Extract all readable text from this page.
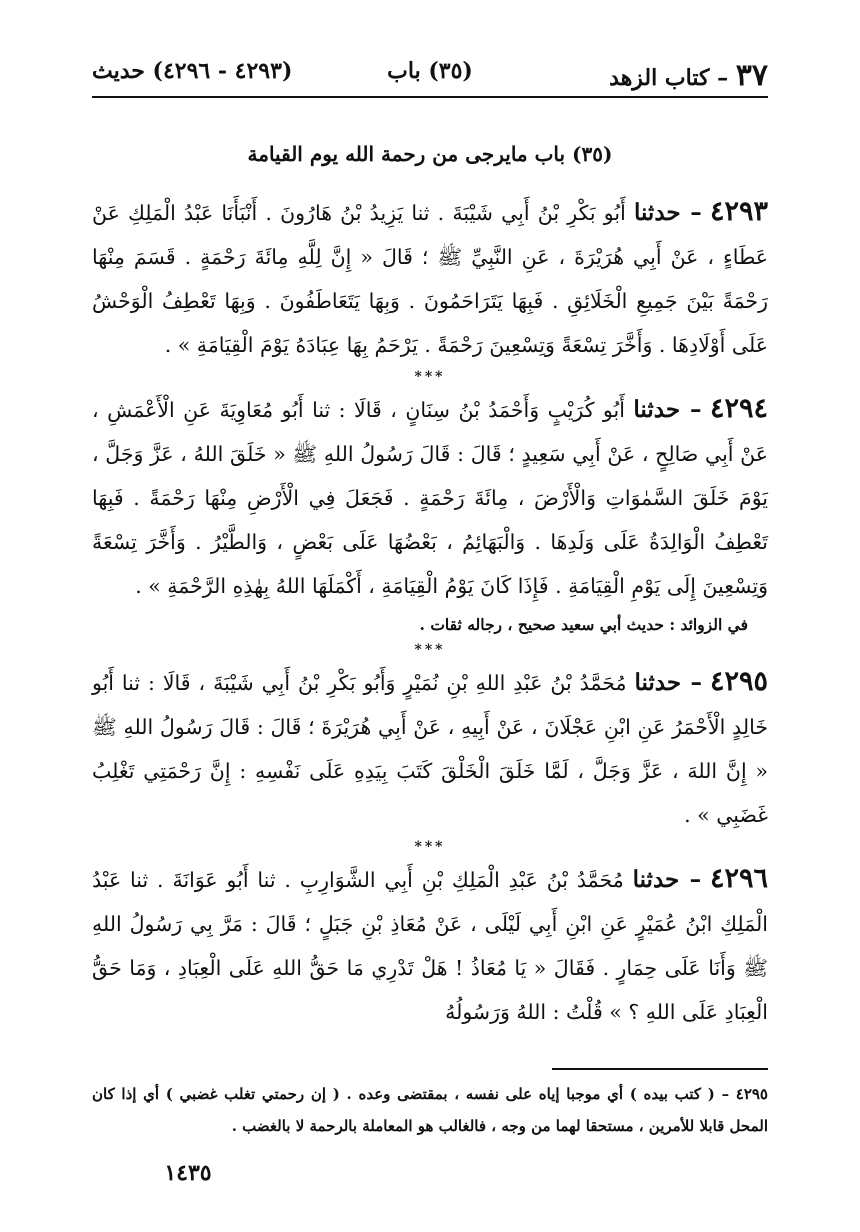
٣٧ – كتاب الزهد
(٣٥) باب
(٤٢٩٣ - ٤٢٩٦) حديث
(٣٥) باب مايرجى من رحمة الله يوم القيامة

٤٢٩٣ – حدثنا أَبُو بَكْرِ بْنُ أَبِي شَيْبَةَ . ثنا يَزِيدُ بْنُ هَارُونَ . أَنْبَأَنَا عَبْدُ الْمَلِكِ عَنْ عَطَاءٍ ، عَنْ أَبِي هُرَيْرَةَ ، عَنِ النَّبِيِّ ﷺ ؛ قَالَ « إِنَّ لِلَّهِ مِائَةَ رَحْمَةٍ . قَسَمَ مِنْهَا رَحْمَةً بَيْنَ جَمِيعِ الْخَلَائِقِ . فَبِهَا يَتَرَاحَمُونَ . وَبِهَا يَتَعَاطَفُونَ . وَبِهَا تَعْطِفُ الْوَحْشُ عَلَى أَوْلَادِهَا . وَأَخَّرَ تِسْعَةً وَتِسْعِينَ رَحْمَةً . يَرْحَمُ بِهَا عِبَادَهُ يَوْمَ الْقِيَامَةِ » .

***

٤٢٩٤ – حدثنا أَبُو كُرَيْبٍ وَأَحْمَدُ بْنُ سِنَانٍ ، قَالَا : ثنا أَبُو مُعَاوِيَةَ عَنِ الْأَعْمَشِ ، عَنْ أَبِي صَالِحٍ ، عَنْ أَبِي سَعِيدٍ ؛ قَالَ : قَالَ رَسُولُ اللهِ ﷺ « خَلَقَ اللهُ ، عَزَّ وَجَلَّ ، يَوْمَ خَلَقَ السَّمٰوَاتِ وَالْأَرْضَ ، مِائَةَ رَحْمَةٍ . فَجَعَلَ فِي الْأَرْضِ مِنْهَا رَحْمَةً . فَبِهَا تَعْطِفُ الْوَالِدَةُ عَلَى وَلَدِهَا . وَالْبَهَائِمُ ، بَعْضُهَا عَلَى بَعْضٍ ، وَالطَّيْرُ . وَأَخَّرَ تِسْعَةً وَتِسْعِينَ إِلَى يَوْمِ الْقِيَامَةِ . فَإِذَا كَانَ يَوْمُ الْقِيَامَةِ ، أَكْمَلَهَا اللهُ بِهٰذِهِ الرَّحْمَةِ » .

في الزوائد : حديث أبي سعيد صحيح ، رجاله ثقات .

***

٤٢٩٥ – حدثنا مُحَمَّدُ بْنُ عَبْدِ اللهِ بْنِ نُمَيْرٍ وَأَبُو بَكْرِ بْنُ أَبِي شَيْبَةَ ، قَالَا : ثنا أَبُو خَالِدٍ الْأَحْمَرُ عَنِ ابْنِ عَجْلَانَ ، عَنْ أَبِيهِ ، عَنْ أَبِي هُرَيْرَةَ ؛ قَالَ : قَالَ رَسُولُ اللهِ ﷺ « إِنَّ اللهَ ، عَزَّ وَجَلَّ ، لَمَّا خَلَقَ الْخَلْقَ كَتَبَ بِيَدِهِ عَلَى نَفْسِهِ : إِنَّ رَحْمَتِي تَغْلِبُ غَضَبِي » .

***

٤٢٩٦ – حدثنا مُحَمَّدُ بْنُ عَبْدِ الْمَلِكِ بْنِ أَبِي الشَّوَارِبِ . ثنا أَبُو عَوَانَةَ . ثنا عَبْدُ الْمَلِكِ ابْنُ عُمَيْرٍ عَنِ ابْنِ أَبِي لَيْلَى ، عَنْ مُعَاذِ بْنِ جَبَلٍ ؛ قَالَ : مَرَّ بِي رَسُولُ اللهِ ﷺ وَأَنَا عَلَى حِمَارٍ . فَقَالَ « يَا مُعَاذُ ! هَلْ تَدْرِي مَا حَقُّ اللهِ عَلَى الْعِبَادِ ، وَمَا حَقُّ الْعِبَادِ عَلَى اللهِ ؟ » قُلْتُ : اللهُ وَرَسُولُهُ

٤٢٩٥ – ( كتب بيده ) أي موجبا إياه على نفسه ، بمقتضى وعده . ( إن رحمتي تغلب غضبي ) أي إذا كان المحل قابلا للأمرين ، مستحقا لهما من وجه ، فالغالب هو المعاملة بالرحمة لا بالغضب .
١٤٣٥
